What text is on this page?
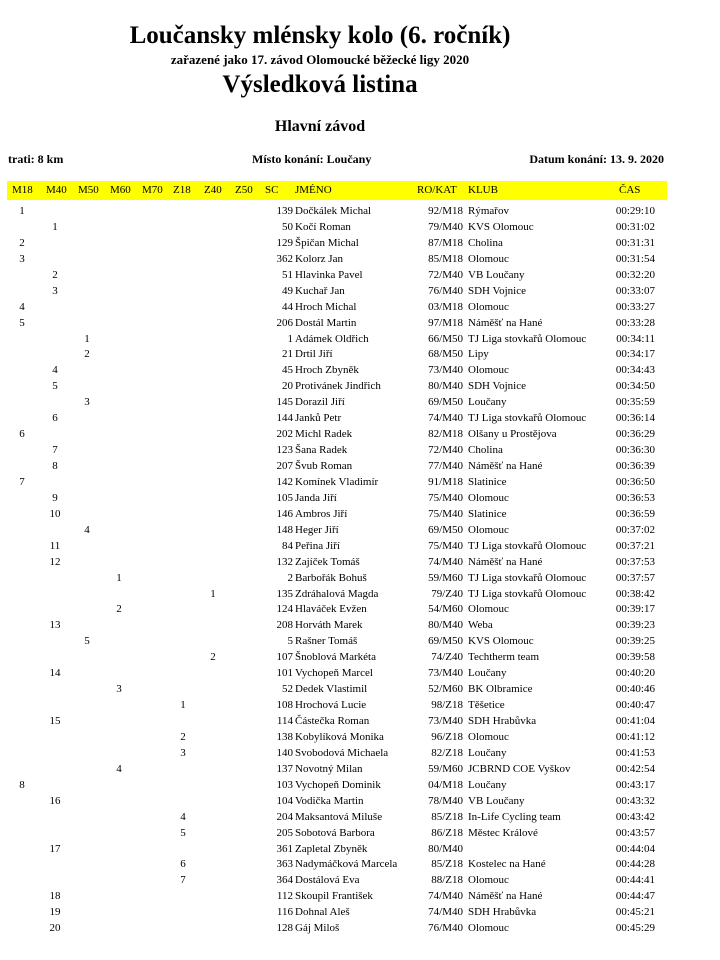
Loučansky mlénsky kolo (6. ročník)
zařazené jako 17. závod Olomoucké běžecké ligy 2020
Výsledková listina
Hlavní závod
trati: 8 km	Místo konání: Loučany	Datum konání: 13. 9. 2020
M18 M40 M50 M60 M70 Z18 Z40 Z50 SC JMÉNO	RO/KAT KLUB	ČAS
1	139 Dočkálek Michal	92/M18 Rýmařov	00:29:10
1	50 Kočí Roman	79/M40 KVS Olomouc	00:31:02
2	129 Špičan Michal	87/M18 Cholina	00:31:31
3	362 Kolorz Jan	85/M18 Olomouc	00:31:54
2	51 Hlavinka Pavel	72/M40 VB Loučany	00:32:20
3	49 Kuchař Jan	76/M40 SDH Vojnice	00:33:07
4	44 Hroch Michal	03/M18 Olomouc	00:33:27
5	206 Dostál Martin	97/M18 Náměšť na Hané	00:33:28
1	1 Adámek Oldřich	66/M50 TJ Liga stovkařů Olomouc	00:34:11
2	21 Drtil Jiří	68/M50 Lipy	00:34:17
4	45 Hroch Zbyněk	73/M40 Olomouc	00:34:43
5	20 Protivánek Jindřich	80/M40 SDH Vojnice	00:34:50
3	145 Dorazil Jiří	69/M50 Loučany	00:35:59
6	144 Janků Petr	74/M40 TJ Liga stovkařů Olomouc	00:36:14
6	202 Michl Radek	82/M18 Olšany u Prostějova	00:36:29
7	123 Šana Radek	72/M40 Cholina	00:36:30
8	207 Švub Roman	77/M40 Náměšť na Hané	00:36:39
7	142 Komínek Vladimír	91/M18 Slatinice	00:36:50
9	105 Janda Jiří	75/M40 Olomouc	00:36:53
10	146 Ambros Jiří	75/M40 Slatinice	00:36:59
4	148 Heger Jiří	69/M50 Olomouc	00:37:02
11	84 Peřina Jiří	75/M40 TJ Liga stovkařů Olomouc	00:37:21
12	132 Zajíček Tomáš	74/M40 Náměšť na Hané	00:37:53
1	2 Barbořák Bohuš	59/M60 TJ Liga stovkařů Olomouc	00:37:57
1	135 Zdráhalová Magda	79/Z40 TJ Liga stovkařů Olomouc	00:38:42
2	124 Hlaváček Evžen	54/M60 Olomouc	00:39:17
13	208 Horváth Marek	80/M40 Weba	00:39:23
5	5 Rašner Tomáš	69/M50 KVS Olomouc	00:39:25
2	107 Šnoblová Markéta	74/Z40 Techtherm team	00:39:58
14	101 Vychopeň Marcel	73/M40 Loučany	00:40:20
3	52 Dedek Vlastimil	52/M60 BK Olbramice	00:40:46
1	108 Hrochová Lucie	98/Z18 Těšetice	00:40:47
15	114 Částečka Roman	73/M40 SDH Hrabůvka	00:41:04
2	138 Kobylíková Monika	96/Z18 Olomouc	00:41:12
3	140 Svobodová Michaela	82/Z18 Loučany	00:41:53
4	137 Novotný Milan	59/M60 JCBRND COE Vyškov	00:42:54
8	103 Vychopeň Dominik	04/M18 Loučany	00:43:17
16	104 Vodička Martin	78/M40 VB Loučany	00:43:32
4	204 Maksantová Miluše	85/Z18 In-Life Cycling team	00:43:42
5	205 Sobotová Barbora	86/Z18 Městec Králové	00:43:57
17	361 Zapletal Zbyněk	80/M40	00:44:04
6	363 Nadymáčková Marcela	85/Z18 Kostelec na Hané	00:44:28
7	364 Dostálová Eva	88/Z18 Olomouc	00:44:41
18	112 Skoupil František	74/M40 Náměšť na Hané	00:44:47
19	116 Dohnal Aleš	74/M40 SDH Hrabůvka	00:45:21
20	128 Gáj Miloš	76/M40 Olomouc	00:45:29
